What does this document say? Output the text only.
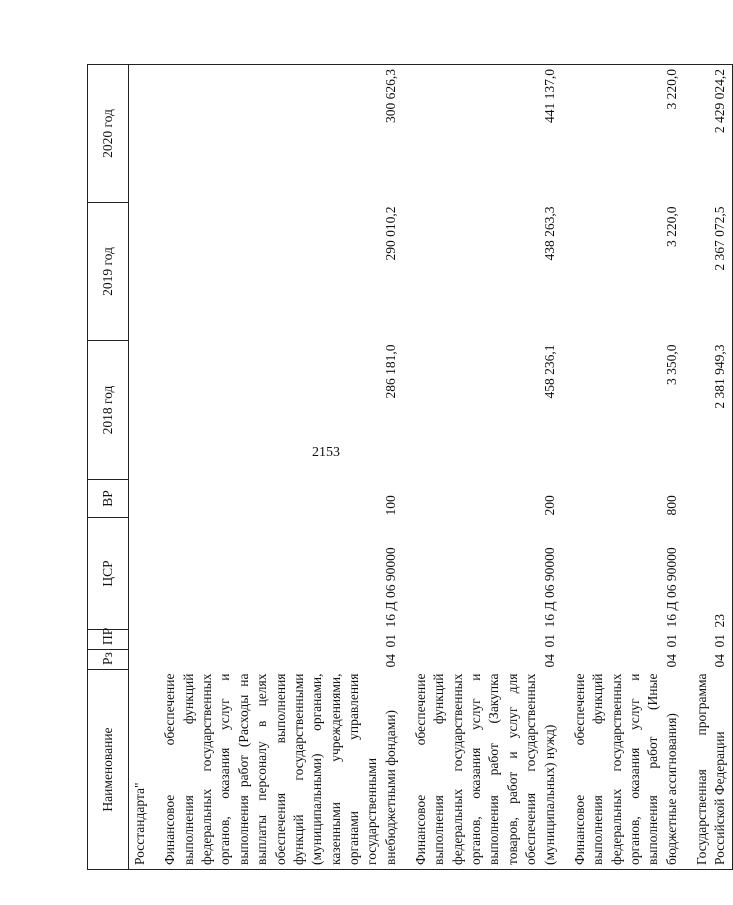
2153
Наименование	Рз	ПР	ЦСР	ВР	2018 год	2019 год	2020 год
Росстандарта"							

Финансовое обеспечение выполнения функций федеральных государственных органов, оказания услуг и выполнения работ (Расходы на выплаты персоналу в целях обеспечения выполнения функций государственными (муниципальными) органами, казенными учреждениями, органами управления государственными внебюджетными фондами)	04	01	16 Д 06 90000	100	286 181,0	290 010,2	300 626,3

Финансовое обеспечение выполнения функций федеральных государственных органов, оказания услуг и выполнения работ (Закупка товаров, работ и услуг для обеспечения государственных (муниципальных) нужд)	04	01	16 Д 06 90000	200	458 236,1	438 263,3	441 137,0

Финансовое обеспечение выполнения функций федеральных государственных органов, оказания услуг и выполнения работ (Иные бюджетные ассигнования)	04	01	16 Д 06 90000	800	3 350,0	3 220,0	3 220,0

Государственная программа Российской Федерации	04	01	23		2 381 949,3	2 367 072,5	2 429 024,2
